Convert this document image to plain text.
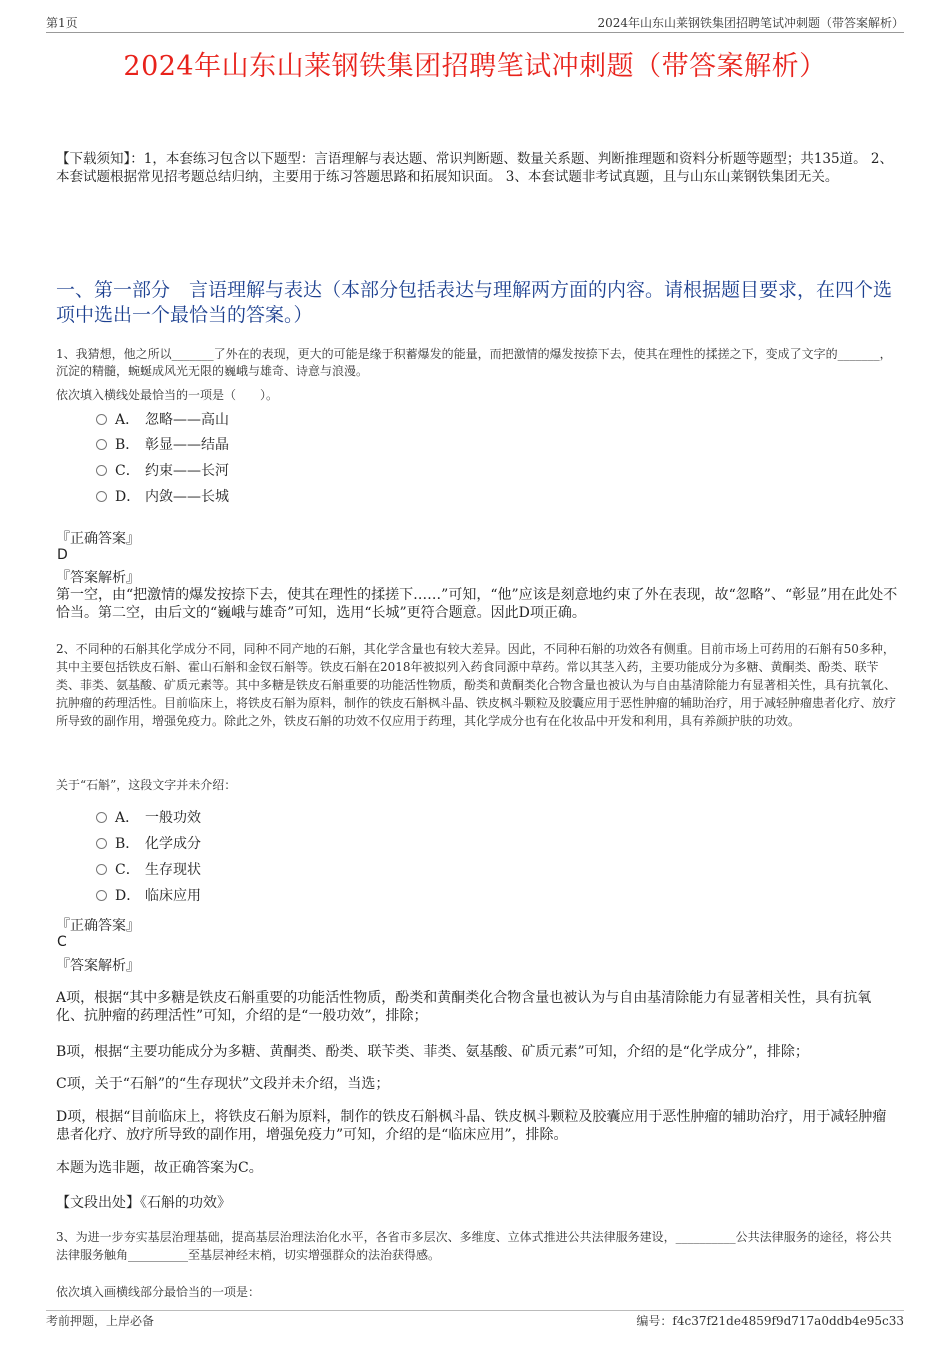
第1页	2024年山东山莱钢铁集团招聘笔试冲刺题（带答案解析）
2024年山东山莱钢铁集团招聘笔试冲刺题（带答案解析）
【下载须知】：1，本套练习包含以下题型：言语理解与表达题、常识判断题、数量关系题、判断推理题和资料分析题等题型；共135道。 2、本套试题根据常见招考题总结归纳，主要用于练习答题思路和拓展知识面。 3、本套试题非考试真题，且与山东山莱钢铁集团无关。
一、第一部分　言语理解与表达（本部分包括表达与理解两方面的内容。请根据题目要求，在四个选项中选出一个最恰当的答案。）
1、我猜想，他之所以_______了外在的表现，更大的可能是缘于积蓄爆发的能量，而把激情的爆发按捺下去，使其在理性的揉搓之下，变成了文字的_______，沉淀的精髓，蜿蜒成风光无限的巍峨与雄奇、诗意与浪漫。
依次填入横线处最恰当的一项是（　　）。
A． 忽略——高山
B． 彰显——结晶
C． 约束——长河
D． 内敛——长城
『正确答案』
D
『答案解析』
第一空，由“把激情的爆发按捺下去，使其在理性的揉搓下……”可知，“他”应该是刻意地约束了外在表现，故“忽略”、“彰显”用在此处不恰当。第二空，由后文的“巍峨与雄奇”可知，选用“长城”更符合题意。因此D项正确。
2、不同种的石斛其化学成分不同，同种不同产地的石斛，其化学含量也有较大差异。因此，不同种石斛的功效各有侧重。目前市场上可药用的石斛有50多种，其中主要包括铁皮石斛、霍山石斛和金钗石斛等。铁皮石斛在2018年被拟列入药食同源中草药。常以其茎入药，主要功能成分为多糖、黄酮类、酚类、联苄类、菲类、氨基酸、矿质元素等。其中多糖是铁皮石斛重要的功能活性物质，酚类和黄酮类化合物含量也被认为与自由基清除能力有显著相关性，具有抗氧化、抗肿瘤的药理活性。目前临床上，将铁皮石斛为原料，制作的铁皮石斛枫斗晶、铁皮枫斗颗粒及胶囊应用于恶性肿瘤的辅助治疗，用于减轻肿瘤患者化疗、放疗所导致的副作用，增强免疫力。除此之外，铁皮石斛的功效不仅应用于药理，其化学成分也有在化妆品中开发和利用，具有养颜护肤的功效。
关于“石斛”，这段文字并未介绍：
A． 一般功效
B． 化学成分
C． 生存现状
D． 临床应用
『正确答案』
C
『答案解析』
A项，根据“其中多糖是铁皮石斛重要的功能活性物质，酚类和黄酮类化合物含量也被认为与自由基清除能力有显著相关性，具有抗氧化、抗肿瘤的药理活性”可知，介绍的是“一般功效”，排除；
B项，根据“主要功能成分为多糖、黄酮类、酚类、联苄类、菲类、氨基酸、矿质元素”可知，介绍的是“化学成分”，排除；
C项，关于“石斛”的“生存现状”文段并未介绍，当选；
D项，根据“目前临床上，将铁皮石斛为原料，制作的铁皮石斛枫斗晶、铁皮枫斗颗粒及胶囊应用于恶性肿瘤的辅助治疗，用于减轻肿瘤患者化疗、放疗所导致的副作用，增强免疫力”可知，介绍的是“临床应用”，排除。
本题为选非题，故正确答案为C。
【文段出处】《石斛的功效》
3、为进一步夯实基层治理基础，提高基层治理法治化水平，各省市多层次、多维度、立体式推进公共法律服务建设，__________公共法律服务的途径，将公共法律服务触角__________至基层神经末梢，切实增强群众的法治获得感。
依次填入画横线部分最恰当的一项是：
考前押题，上岸必备	编号：f4c37f21de4859f9d717a0ddb4e95c33
